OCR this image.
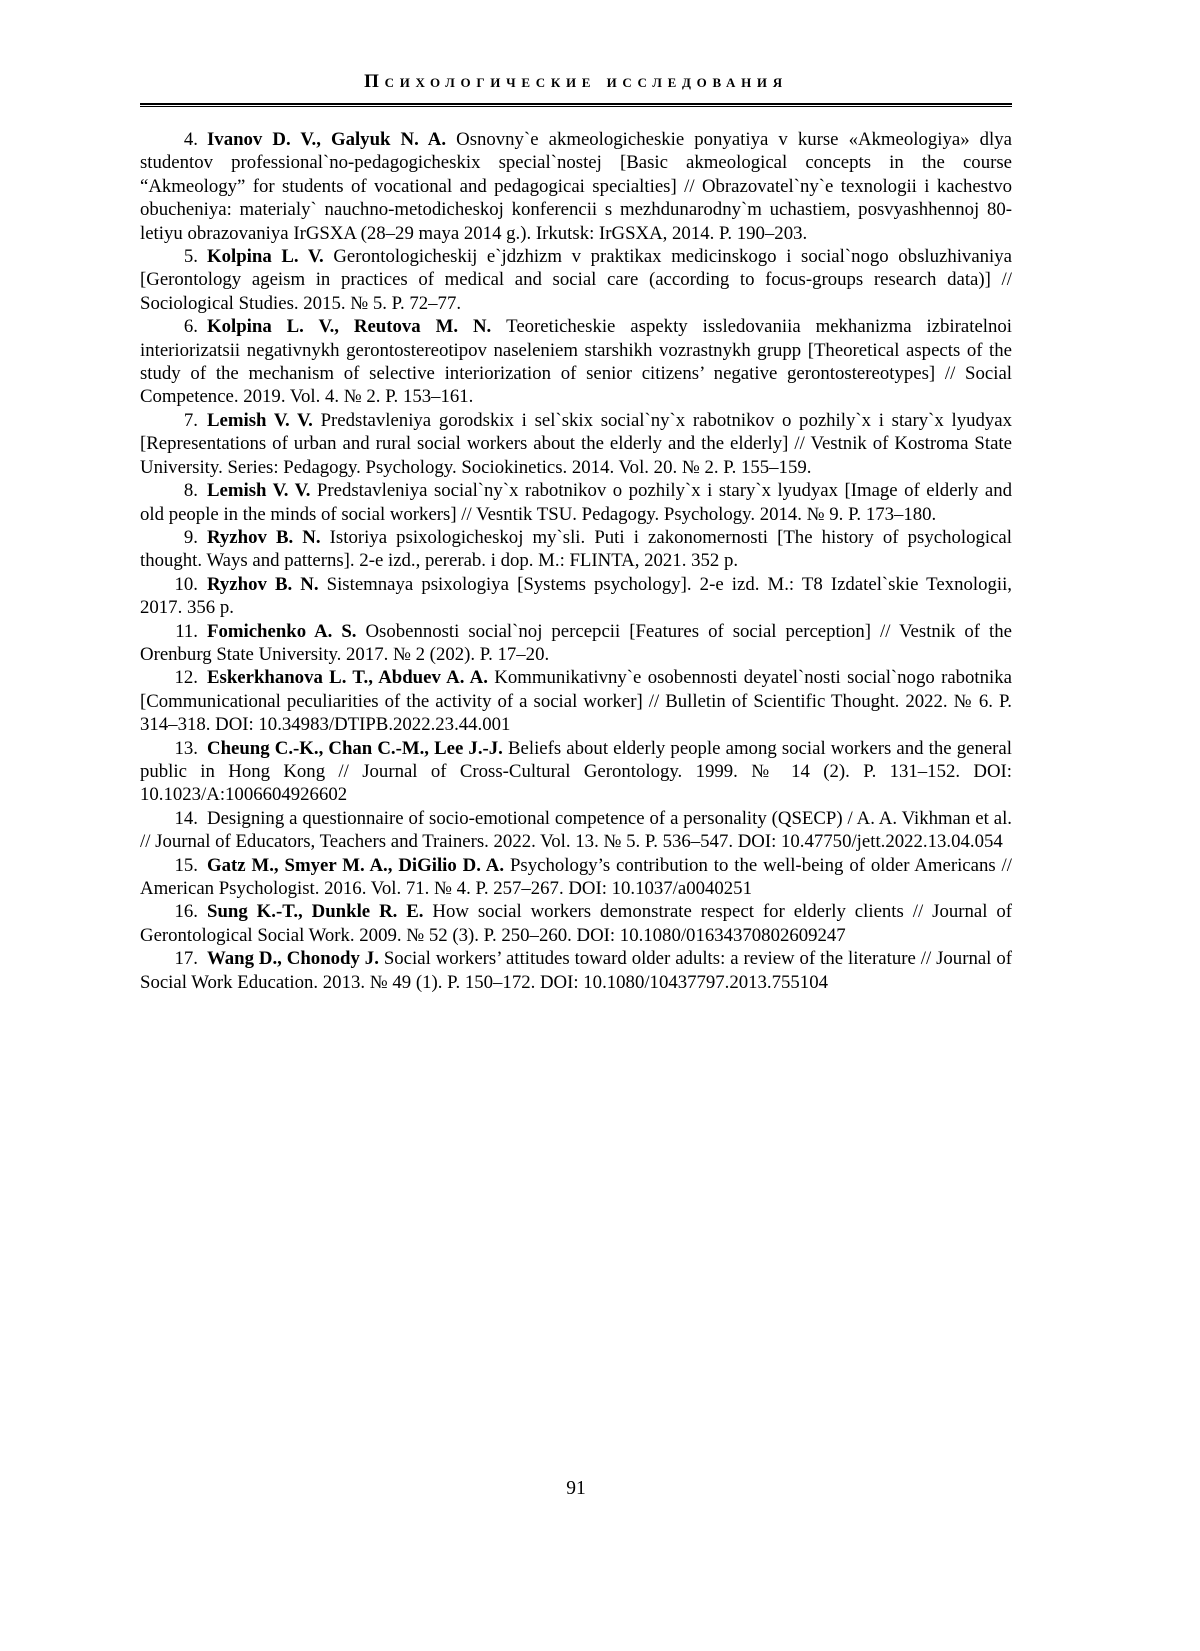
Психологические исследования

4. Ivanov D. V., Galyuk N. A. Osnovny`e akmeologicheskie ponyatiya v kurse «Akmeologiya» dlya studentov professional`no-pedagogicheskix special`nostej [Basic akmeological concepts in the course “Akmeology” for students of vocational and pedagogicai specialties] // Obrazovatel`ny`e texnologii i kachestvo obucheniya: materialy` nauchno-metodicheskoj konferencii s mezhdunarodny`m uchastiem, posvyashhennoj 80-letiyu obrazovaniya IrGSXA (28–29 maya 2014 g.). Irkutsk: IrGSXA, 2014. P. 190–203.

5. Kolpina L. V. Gerontologicheskij e`jdzhizm v praktikax medicinskogo i social`nogo obsluzhivaniya [Gerontology ageism in practices of medical and social care (according to focus-groups research data)] // Sociological Studies. 2015. № 5. P. 72–77.

6. Kolpina L. V., Reutova M. N. Teoreticheskie aspekty issledovaniia mekhanizma izbiratelnoi interiorizatsii negativnykh gerontostereotipov naseleniem starshikh vozrastnykh grupp [Theoretical aspects of the study of the mechanism of selective interiorization of senior citizens’ negative gerontostereotypes] // Social Competence. 2019. Vol. 4. № 2. P. 153–161.

7. Lemish V. V. Predstavleniya gorodskix i sel`skix social`ny`x rabotnikov o pozhily`x i stary`x lyudyax [Representations of urban and rural social workers about the elderly and the elderly] // Vestnik of Kostroma State University. Series: Pedagogy. Psychology. Sociokinetics. 2014. Vol. 20. № 2. P. 155–159.

8. Lemish V. V. Predstavleniya social`ny`x rabotnikov o pozhily`x i stary`x lyudyax [Image of elderly and old people in the minds of social workers] // Vesntik TSU. Pedagogy. Psychology. 2014. № 9. P. 173–180.

9. Ryzhov B. N. Istoriya psixologicheskoj my`sli. Puti i zakonomernosti [The history of psychological thought. Ways and patterns]. 2-e izd., pererab. i dop. M.: FLINTA, 2021. 352 p.

10. Ryzhov B. N. Sistemnaya psixologiya [Systems psychology]. 2-e izd. M.: T8 Izdatel`skie Texnologii, 2017. 356 p.

11. Fomichenko A. S. Osobennosti social`noj percepcii [Features of social perception] // Vestnik of the Orenburg State University. 2017. № 2 (202). P. 17–20.

12. Eskerkhanova L. T., Abduev A. A. Kommunikativny`e osobennosti deyatel`nosti social`nogo rabotnika [Communicational peculiarities of the activity of a social worker] // Bulletin of Scientific Thought. 2022. № 6. P. 314–318. DOI: 10.34983/DTIPB.2022.23.44.001

13. Cheung C.-K., Chan C.-M., Lee J.-J. Beliefs about elderly people among social workers and the general public in Hong Kong // Journal of Cross-Cultural Gerontology. 1999. № 14 (2). P. 131–152. DOI: 10.1023/A:1006604926602

14. Designing a questionnaire of socio-emotional competence of a personality (QSECP) / A. A. Vikhman et al. // Journal of Educators, Teachers and Trainers. 2022. Vol. 13. № 5. P. 536–547. DOI: 10.47750/jett.2022.13.04.054

15. Gatz M., Smyer M. A., DiGilio D. A. Psychology’s contribution to the well-being of older Americans // American Psychologist. 2016. Vol. 71. № 4. P. 257–267. DOI: 10.1037/a0040251

16. Sung K.-T., Dunkle R. E. How social workers demonstrate respect for elderly clients // Journal of Gerontological Social Work. 2009. № 52 (3). P. 250–260. DOI: 10.1080/01634370802609247

17. Wang D., Chonody J. Social workers’ attitudes toward older adults: a review of the literature // Journal of Social Work Education. 2013. № 49 (1). P. 150–172. DOI: 10.1080/10437797.2013.755104

91
